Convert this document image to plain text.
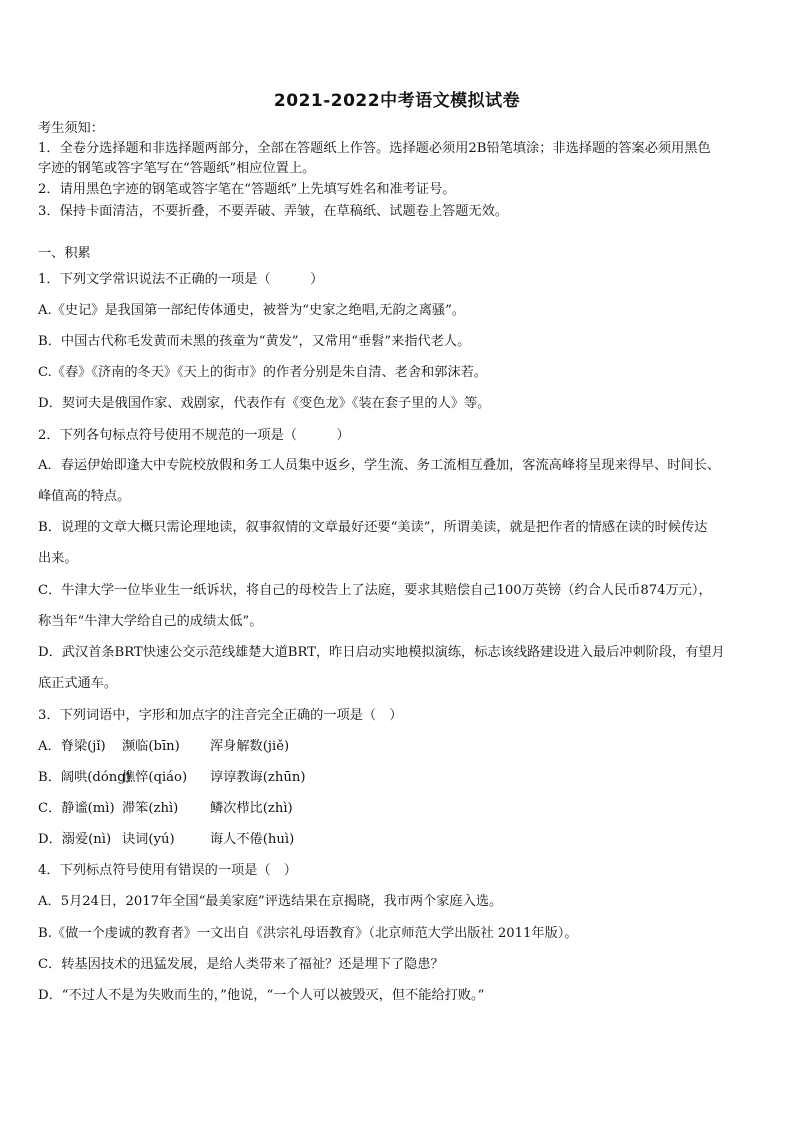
2021-2022中考语文模拟试卷
考生须知：
1．全卷分选择题和非选择题两部分，全部在答题纸上作答。选择题必须用2B铅笔填涂；非选择题的答案必须用黑色
字迹的钢笔或答字笔写在“答题纸”相应位置上。
2．请用黑色字迹的钢笔或答字笔在“答题纸”上先填写姓名和准考证号。
3．保持卡面清洁，不要折叠，不要弄破、弄皱，在草稿纸、试题卷上答题无效。
一、积累
1．下列文学常识说法不正确的一项是（　　　）
A.《史记》是我国第一部纪传体通史，被誉为“史家之绝唱,无韵之离骚”。
B．中国古代称毛发黄而未黑的孩童为“黄发”，又常用“垂髫”来指代老人。
C.《春》《济南的冬天》《天上的街市》的作者分别是朱自清、老舍和郭沫若。
D．契诃夫是俄国作家、戏剧家，代表作有《变色龙》《装在套子里的人》等。
2．下列各句标点符号使用不规范的一项是（　　　）
A．春运伊始即逢大中专院校放假和务工人员集中返乡，学生流、务工流相互叠加，客流高峰将呈现来得早、时间长、
峰值高的特点。
B．说理的文章大概只需论理地读，叙事叙情的文章最好还要“美读”，所谓美读，就是把作者的情感在读的时候传达
出来。
C．牛津大学一位毕业生一纸诉状，将自己的母校告上了法庭，要求其赔偿自己100万英镑（约合人民币874万元），
称当年“牛津大学给自己的成绩太低”。
D．武汉首条BRT快速公交示范线雄楚大道BRT，昨日启动实地模拟演练，标志该线路建设进入最后冲刺阶段，有望月
底正式通车。
3．下列词语中，字形和加点字的注音完全正确的一项是（　）
A．脊梁(jǐ) 濒临(bīn) 浑身解数(jiě)
B．阔哄(dóng)憔悴(qiáo) 谆谆教诲(zhūn)
C．静谧(mì) 滞笨(zhì) 鳞次栉比(zhì)
D．溺爱(nì) 诀词(yú)	诲人不倦(huì)
4．下列标点符号使用有错误的一项是（　）
A．5月24日，2017年全国“最美家庭”评选结果在京揭晓，我市两个家庭入选。
B.《做一个虔诚的教育者》一文出自《洪宗礼母语教育》（北京师范大学出版社 2011年版）。
C．转基因技术的迅猛发展，是给人类带来了福祉？还是埋下了隐患？
D．“不过人不是为失败而生的，”他说，“一个人可以被毁灭，但不能给打败。”
